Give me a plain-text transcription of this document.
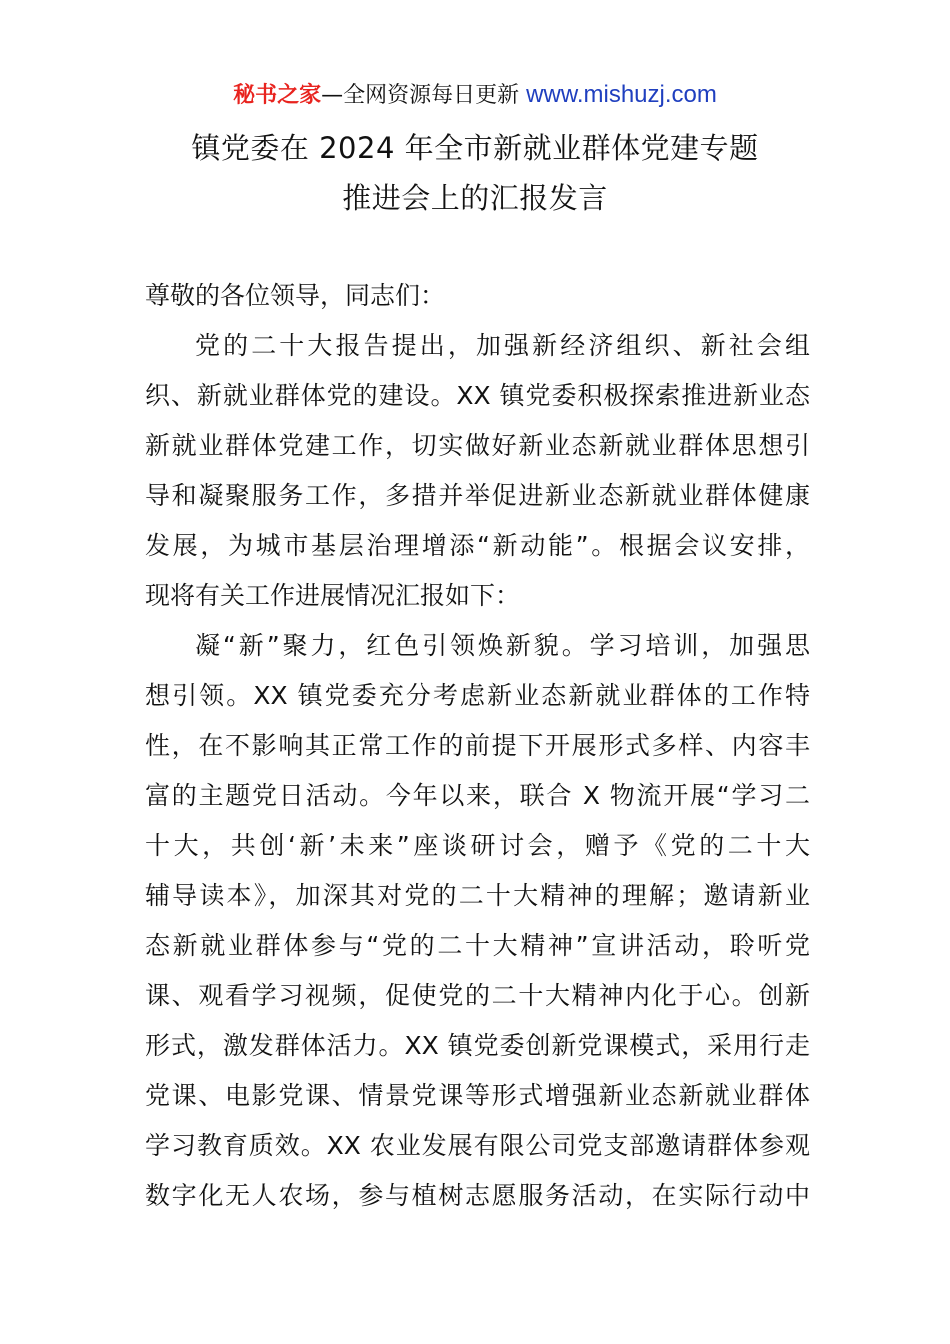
秘书之家—全网资源每日更新 www.mishuzj.com
镇党委在 2024 年全市新就业群体党建专题
推进会上的汇报发言
尊敬的各位领导，同志们：
党的二十大报告提出，加强新经济组织、新社会组
织、新就业群体党的建设。XX 镇党委积极探索推进新业态
新就业群体党建工作，切实做好新业态新就业群体思想引
导和凝聚服务工作，多措并举促进新业态新就业群体健康
发展，为城市基层治理增添“新动能”。根据会议安排，
现将有关工作进展情况汇报如下：
凝“新”聚力，红色引领焕新貌。学习培训，加强思
想引领。XX 镇党委充分考虑新业态新就业群体的工作特
性，在不影响其正常工作的前提下开展形式多样、内容丰
富的主题党日活动。今年以来，联合 X 物流开展“学习二
十大，共创‘新’未来”座谈研讨会，赠予《党的二十大
辅导读本》，加深其对党的二十大精神的理解；邀请新业
态新就业群体参与“党的二十大精神”宣讲活动，聆听党
课、观看学习视频，促使党的二十大精神内化于心。创新
形式，激发群体活力。XX 镇党委创新党课模式，采用行走
党课、电影党课、情景党课等形式增强新业态新就业群体
学习教育质效。XX 农业发展有限公司党支部邀请群体参观
数字化无人农场，参与植树志愿服务活动，在实际行动中
